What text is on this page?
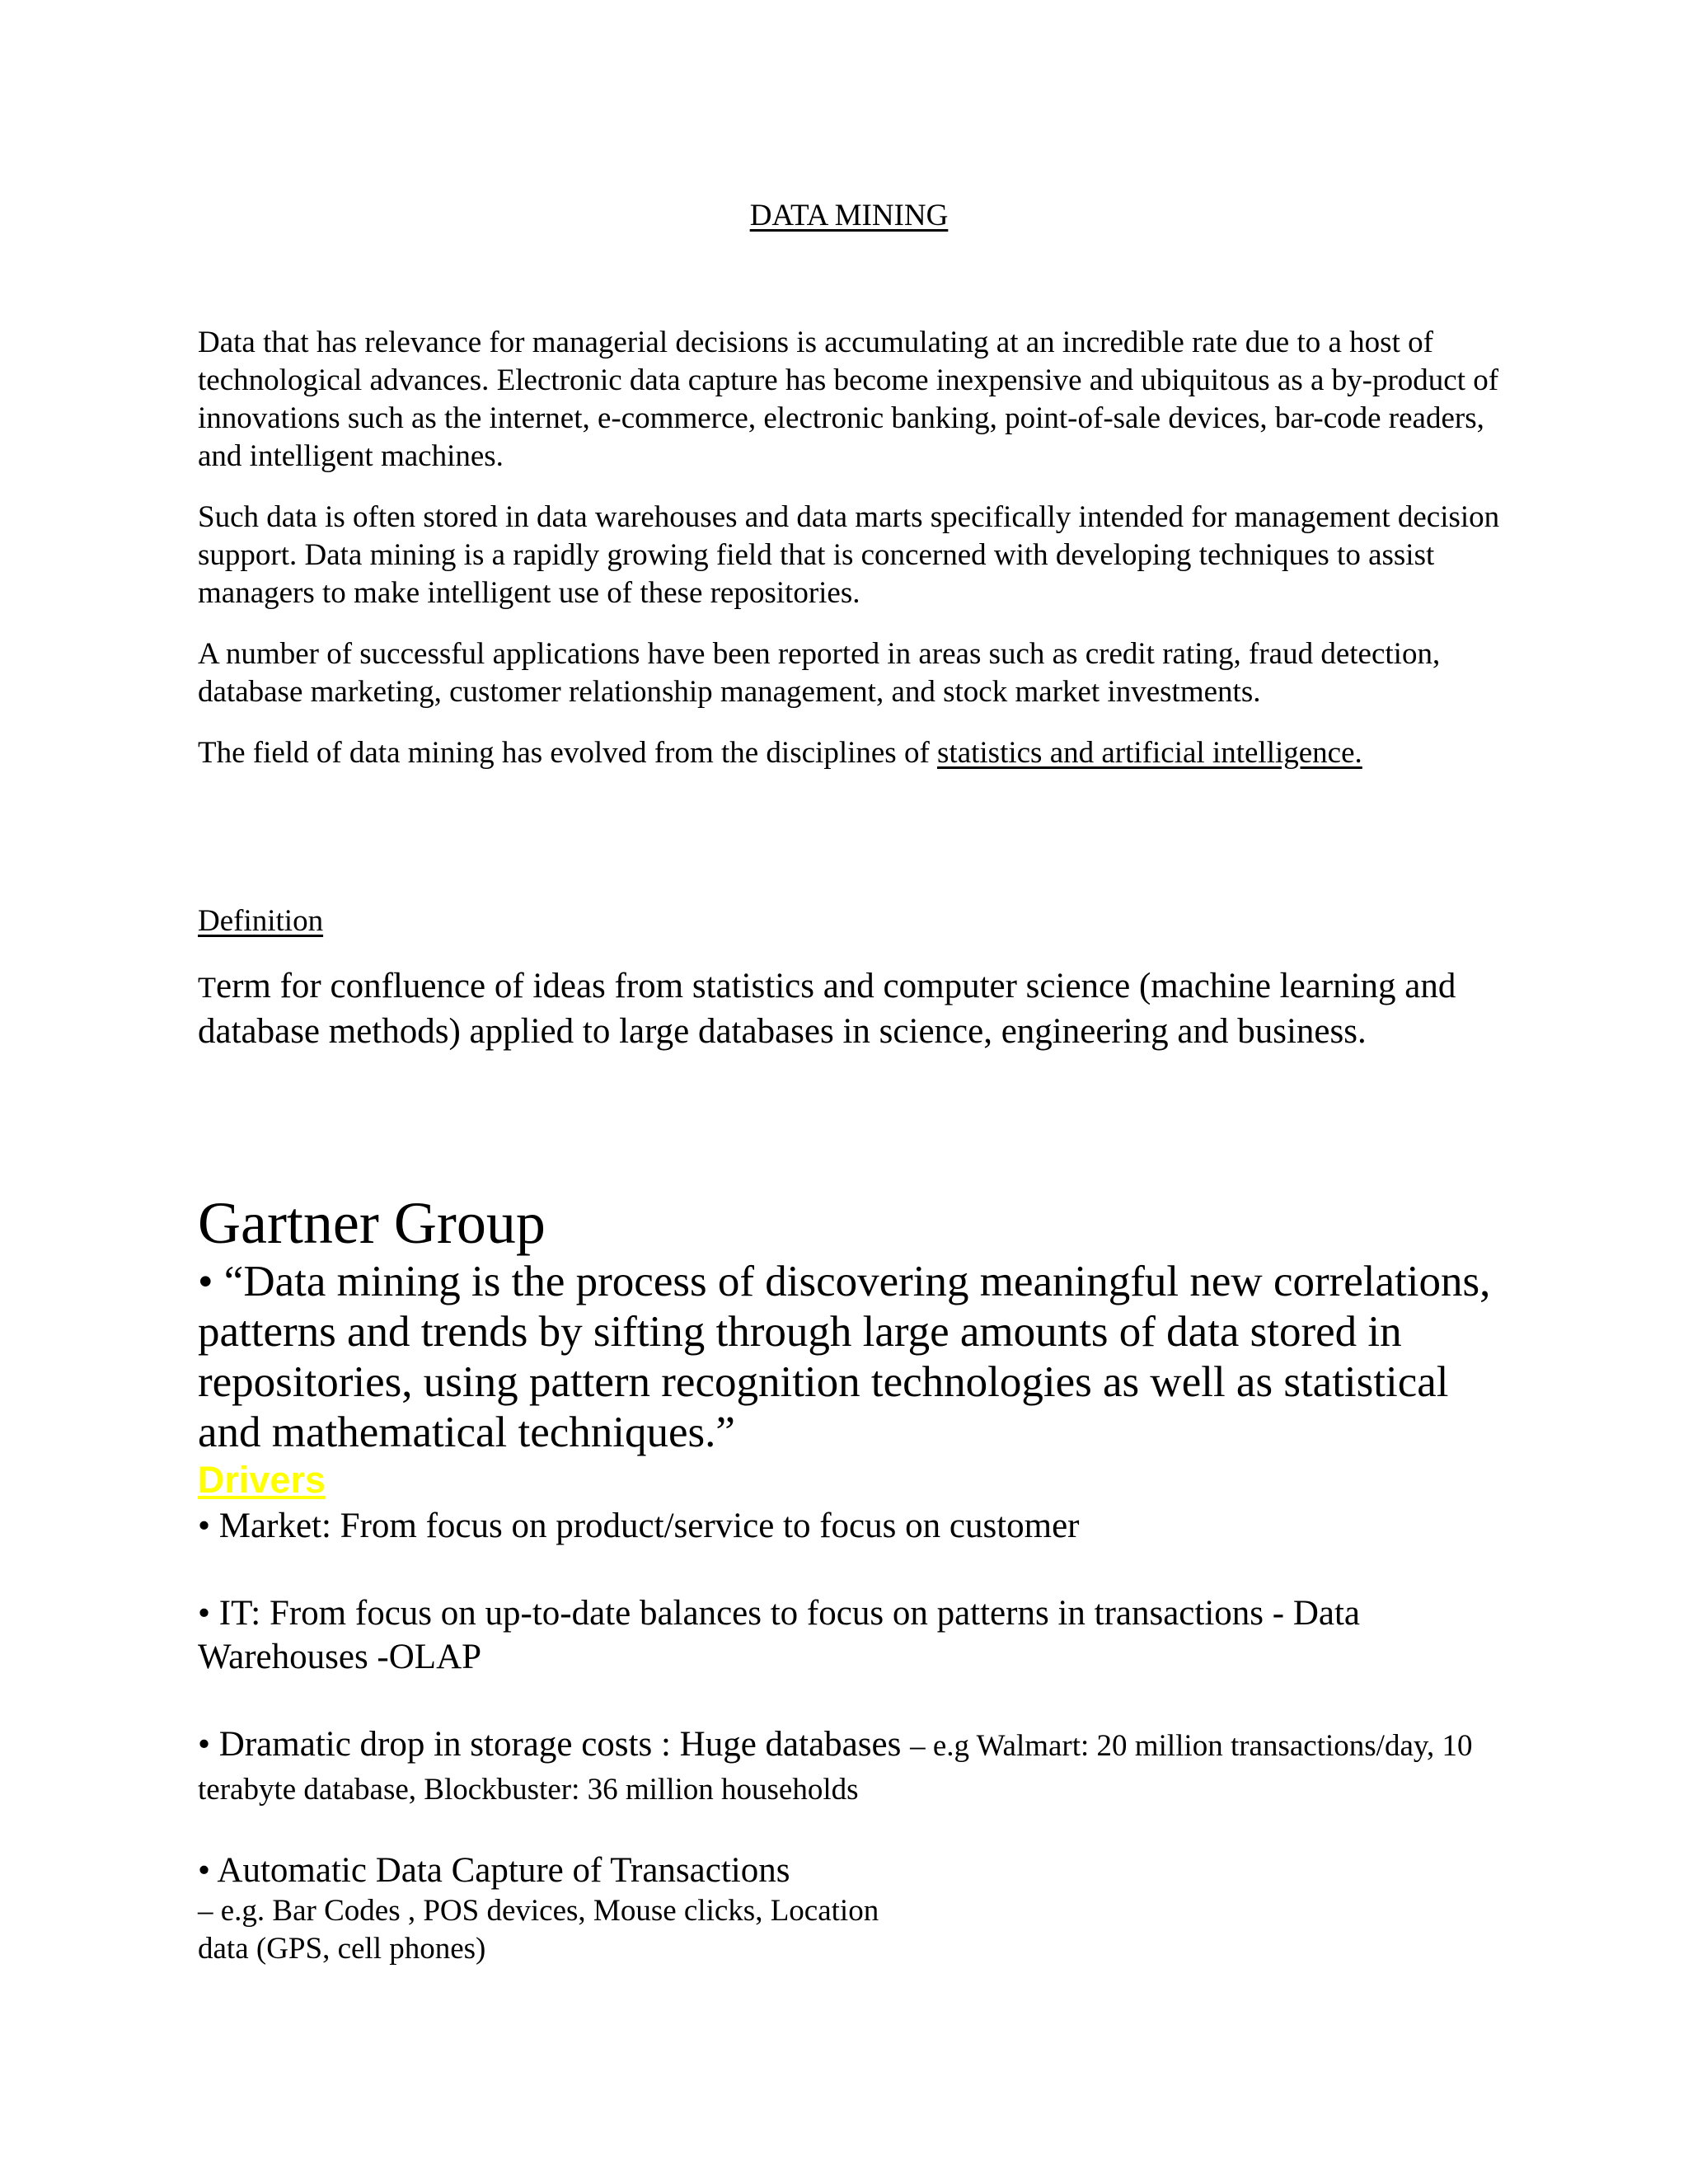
DATA MINING

Data that has relevance for managerial decisions is accumulating at an incredible rate due to a host of technological advances. Electronic data capture has become inexpensive and ubiquitous as a by-product of innovations such as the internet, e-commerce, electronic banking, point-of-sale devices, bar-code readers, and intelligent machines.

Such data is often stored in data warehouses and data marts specifically intended for management decision support. Data mining is a rapidly growing field that is concerned with developing techniques to assist managers to make intelligent use of these repositories.

A number of successful applications have been reported in areas such as credit rating, fraud detection, database marketing, customer relationship management, and stock market investments.

The field of data mining has evolved from the disciplines of statistics and artificial intelligence.

Definition

Term for confluence of ideas from statistics and computer science (machine learning and database methods) applied to large databases in science, engineering and business.

Gartner Group

• “Data mining is the process of discovering meaningful new correlations, patterns and trends by sifting through large amounts of data stored in repositories, using pattern recognition technologies as well as statistical and mathematical techniques.”

Drivers

• Market: From focus on product/service to focus on customer

• IT: From focus on up-to-date balances to focus on patterns in transactions - Data Warehouses -OLAP

• Dramatic drop in storage costs : Huge databases – e.g Walmart: 20 million transactions/day, 10 terabyte database, Blockbuster: 36 million households

• Automatic Data Capture of Transactions
– e.g. Bar Codes , POS devices, Mouse clicks, Location
data (GPS, cell phones)
